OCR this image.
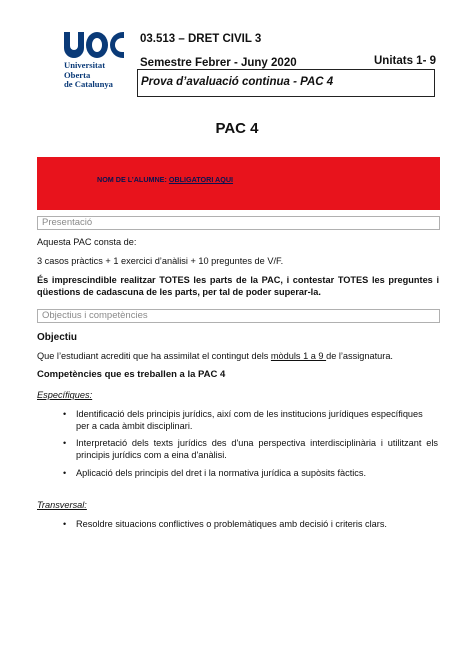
Universitat
Oberta
de Catalunya
03.513 – DRET CIVIL 3
Semestre Febrer - Juny 2020	Unitats 1- 9
Prova d’avaluació continua - PAC 4
PAC 4
NOM DE L’ALUMNE: OBLIGATORI AQUI
Presentació
Aquesta PAC consta de:
3 casos pràctics + 1 exercici d’anàlisi + 10 preguntes de V/F.
És imprescindible realitzar TOTES les parts de la PAC, i contestar TOTES les preguntes i qüestions de cadascuna de les parts, per tal de poder superar-la.
Objectius i competències
Objectiu
Que l’estudiant acrediti que ha assimilat el contingut dels mòduls 1 a 9 de l’assignatura.
Competències que es treballen a la PAC 4
Específiques:
• Identificació dels principis jurídics, així com de les institucions jurídiques específiques per a cada àmbit disciplinari.
• Interpretació dels texts jurídics des d'una perspectiva interdisciplinària i utilitzant els principis jurídics com a eina d'anàlisi.
• Aplicació dels principis del dret i la normativa jurídica a supòsits fàctics.
Transversal:
• Resoldre situacions conflictives o problemàtiques amb decisió i criteris clars.
